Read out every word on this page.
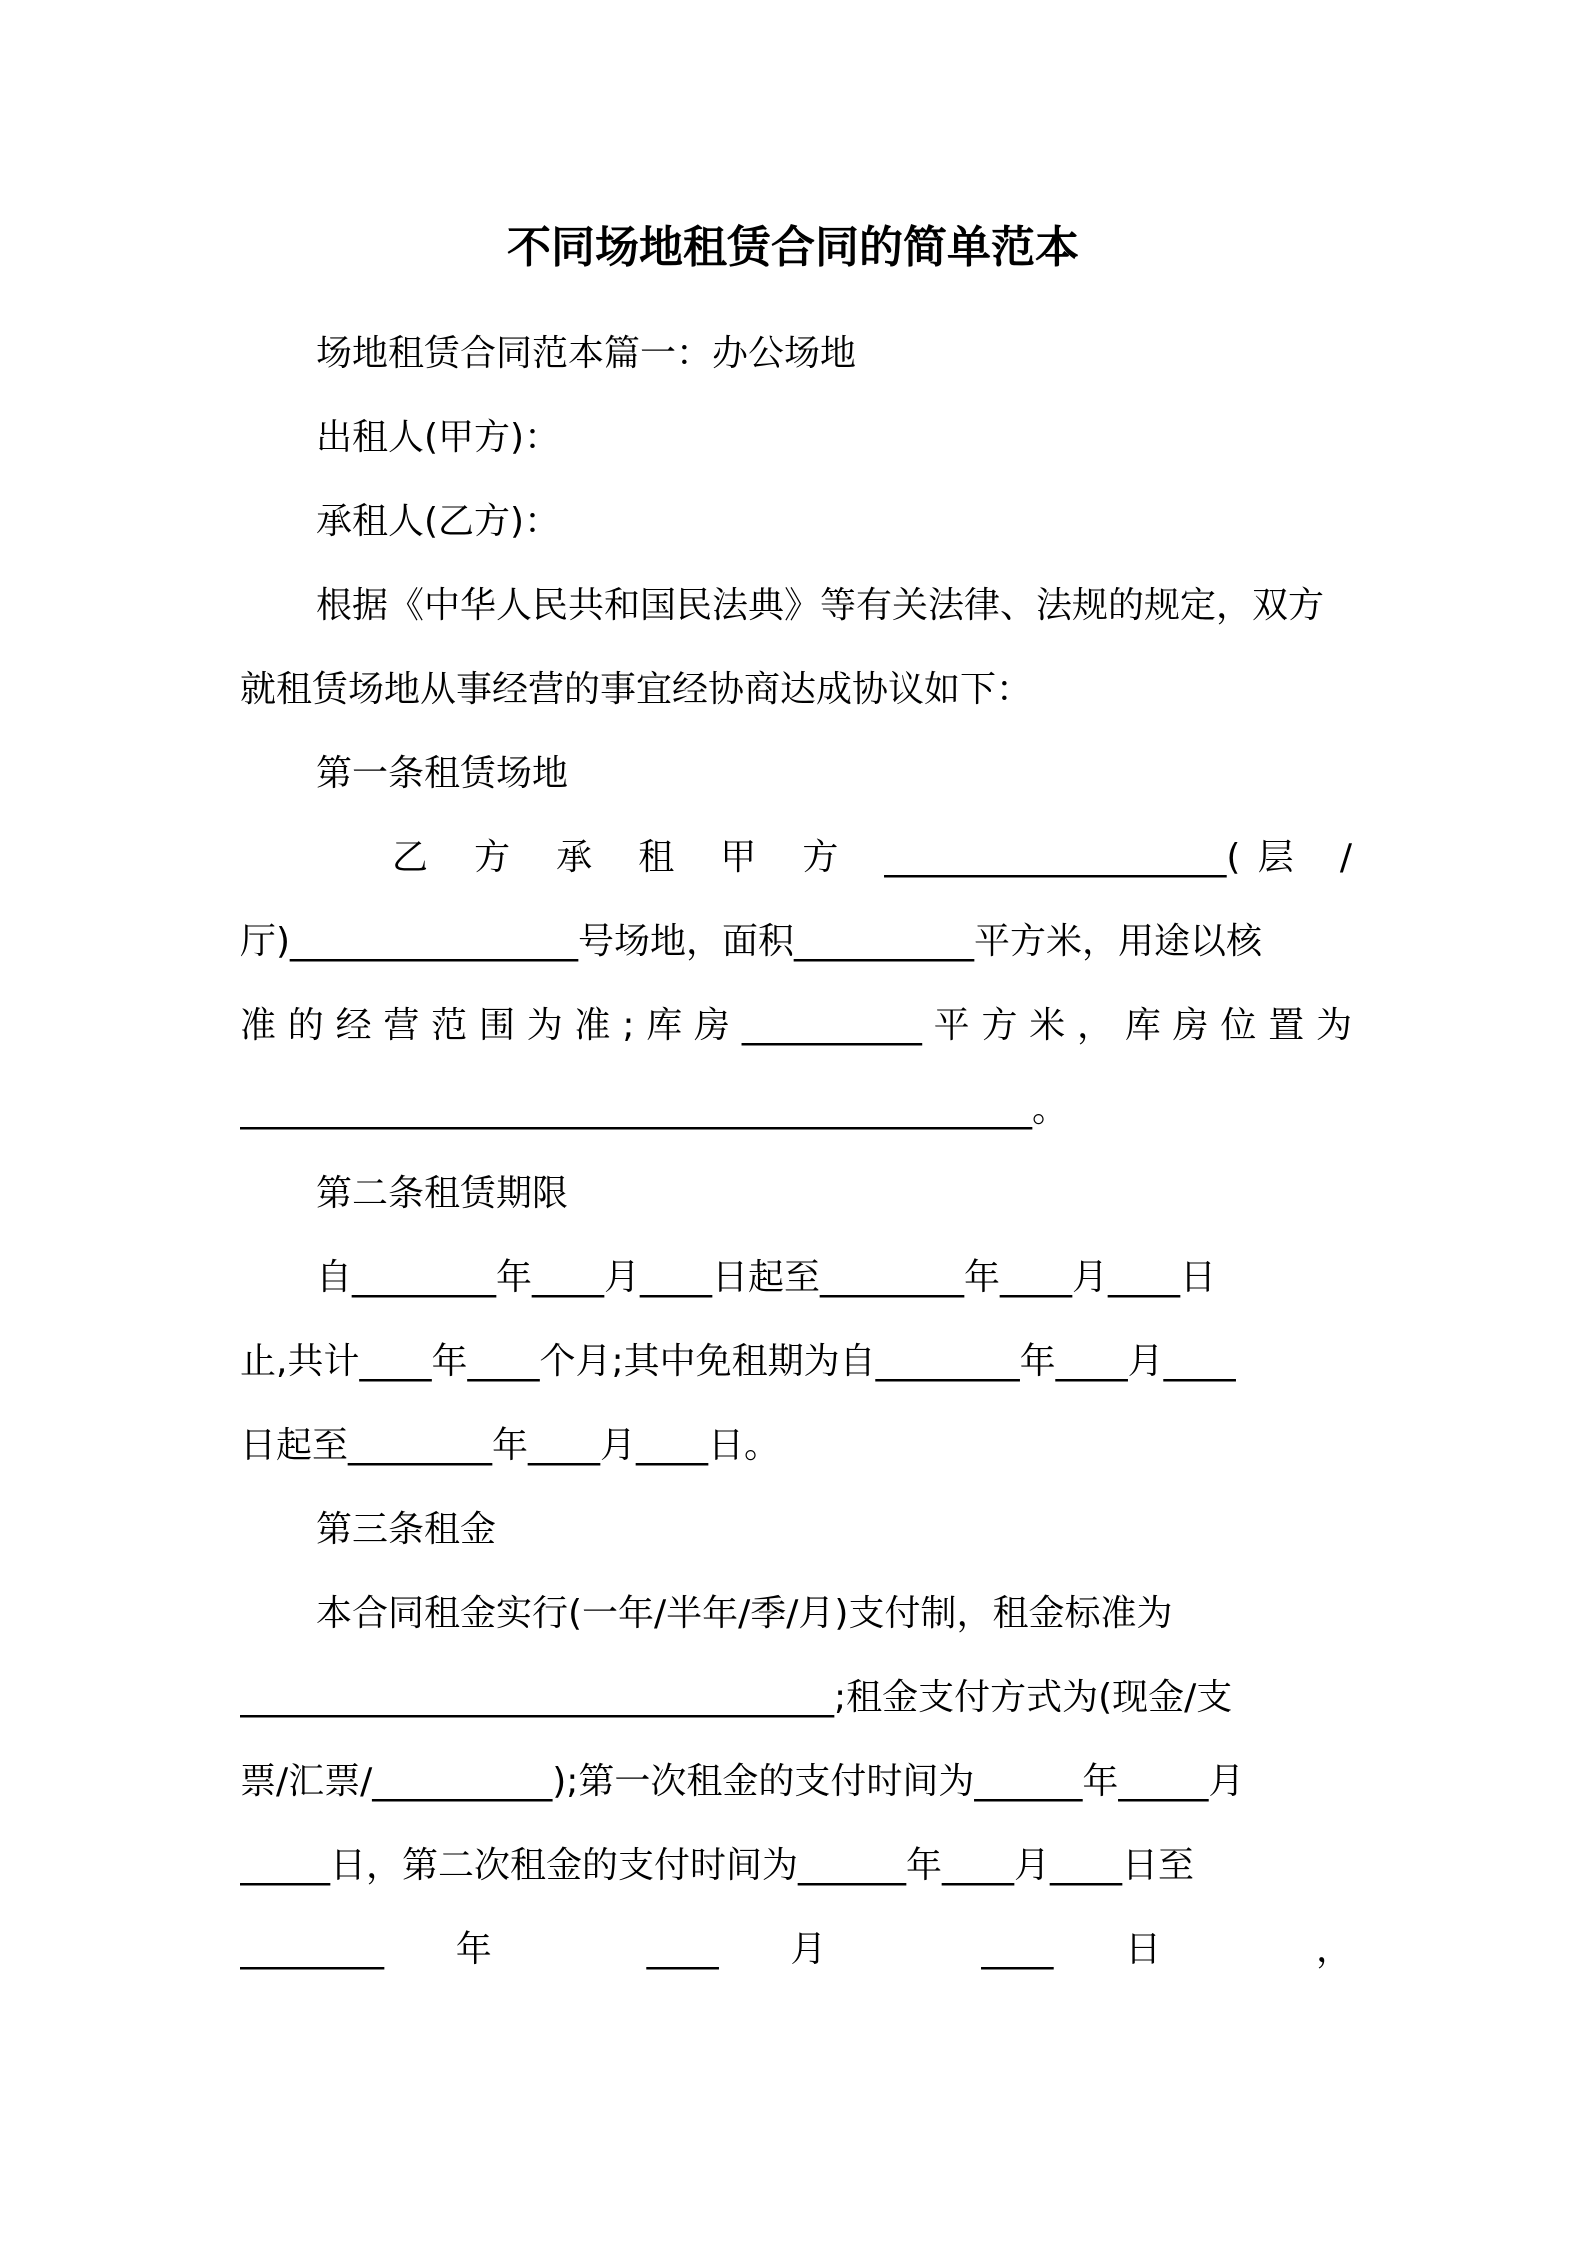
不同场地租赁合同的简单范本
场地租赁合同范本篇一：办公场地
出租人(甲方)：
承租人(乙方)：
根据《中华人民共和国民法典》等有关法律、法规的规定，双方
就租赁场地从事经营的事宜经协商达成协议如下：
第一条租赁场地
乙 方 承 租 甲 方 ___________________(层 /
厅)________________号场地，面积__________平方米，用途以核
准的经营范围为准;库房__________平方米，库房位置为
____________________________________________。
第二条租赁期限
自________年____月____日起至________年____月____日
止,共计____年____个月;其中免租期为自________年____月____
日起至________年____月____日。
第三条租金
本合同租金实行(一年/半年/季/月)支付制，租金标准为
_________________________________;租金支付方式为(现金/支
票/汇票/__________);第一次租金的支付时间为______年_____月
_____日，第二次租金的支付时间为______年____月____日至
________年 ____月 ____日 ，
